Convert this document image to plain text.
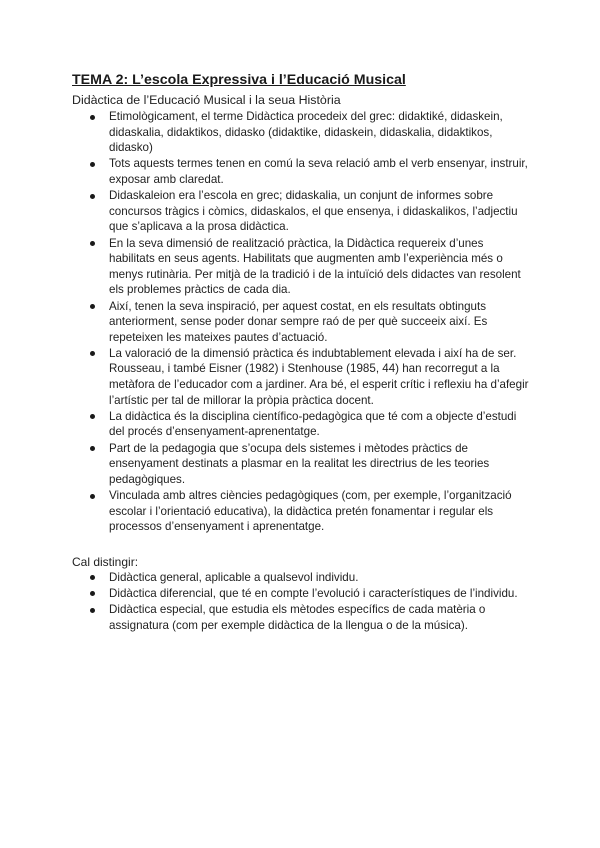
TEMA 2: L’escola Expressiva i l’Educació Musical

Didàctica de l’Educació Musical i la seua Història

Etimològicament, el terme Didàctica procedeix del grec: didaktiké, didaskein, didaskalia, didaktikos, didasko (didaktike, didaskein, didaskalia, didaktikos, didasko)
Tots aquests termes tenen en comú la seva relació amb el verb ensenyar, instruir, exposar amb claredat.
Didaskaleion era l’escola en grec; didaskalia, un conjunt de informes sobre concursos tràgics i còmics, didaskalos, el que ensenya, i didaskalikos, l’adjectiu que s’aplicava a la prosa didàctica.
En la seva dimensió de realització pràctica, la Didàctica requereix d’unes habilitats en seus agents. Habilitats que augmenten amb l’experiència més o menys rutinària. Per mitjà de la tradició i de la intuïció dels didactes van resolent els problemes pràctics de cada dia.
Així, tenen la seva inspiració, per aquest costat, en els resultats obtinguts anteriorment, sense poder donar sempre raó de per què succeeix així. Es repeteixen les mateixes pautes d’actuació.
La valoració de la dimensió pràctica és indubtablement elevada i així ha de ser. Rousseau, i també Eisner (1982) i Stenhouse (1985, 44) han recorregut a la metàfora de l’educador com a jardiner. Ara bé, el esperit crític i reflexiu ha d’afegir l’artístic per tal de millorar la pròpia pràctica docent.
La didàctica és la disciplina científico-pedagògica que té com a objecte d’estudi del procés d’ensenyament-aprenentatge.
Part de la pedagogia que s’ocupa dels sistemes i mètodes pràctics de ensenyament destinats a plasmar en la realitat les directrius de les teories pedagògiques.
Vinculada amb altres ciències pedagògiques (com, per exemple, l’organització escolar i l’orientació educativa), la didàctica pretén fonamentar i regular els processos d’ensenyament i aprenentatge.

Cal distingir:

Didàctica general, aplicable a qualsevol individu.
Didàctica diferencial, que té en compte l’evolució i característiques de l’individu.
Didàctica especial, que estudia els mètodes específics de cada matèria o assignatura (com per exemple didàctica de la llengua o de la música).
